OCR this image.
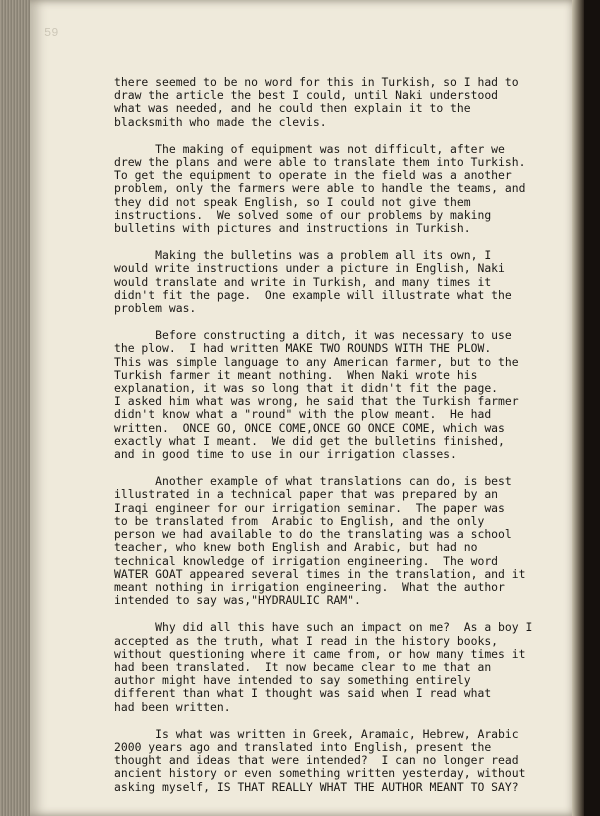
59

there seemed to be no word for this in Turkish, so I had to
draw the article the best I could, until Naki understood
what was needed, and he could then explain it to the
blacksmith who made the clevis.

The making of equipment was not difficult, after we
drew the plans and were able to translate them into Turkish.
To get the equipment to operate in the field was a another
problem, only the farmers were able to handle the teams, and
they did not speak English, so I could not give them
instructions.  We solved some of our problems by making
bulletins with pictures and instructions in Turkish.

Making the bulletins was a problem all its own, I
would write instructions under a picture in English, Naki
would translate and write in Turkish, and many times it
didn't fit the page.  One example will illustrate what the
problem was.

Before constructing a ditch, it was necessary to use
the plow.  I had written MAKE TWO ROUNDS WITH THE PLOW.
This was simple language to any American farmer, but to the
Turkish farmer it meant nothing.  When Naki wrote his
explanation, it was so long that it didn't fit the page.
I asked him what was wrong, he said that the Turkish farmer
didn't know what a "round" with the plow meant.  He had
written.  ONCE GO, ONCE COME,ONCE GO ONCE COME, which was
exactly what I meant.  We did get the bulletins finished,
and in good time to use in our irrigation classes.

Another example of what translations can do, is best
illustrated in a technical paper that was prepared by an
Iraqi engineer for our irrigation seminar.  The paper was
to be translated from  Arabic to English, and the only
person we had available to do the translating was a school
teacher, who knew both English and Arabic, but had no
technical knowledge of irrigation engineering.  The word
WATER GOAT appeared several times in the translation, and it
meant nothing in irrigation engineering.  What the author
intended to say was,"HYDRAULIC RAM".

Why did all this have such an impact on me?  As a boy I
accepted as the truth, what I read in the history books,
without questioning where it came from, or how many times it
had been translated.  It now became clear to me that an
author might have intended to say something entirely
different than what I thought was said when I read what
had been written.

Is what was written in Greek, Aramaic, Hebrew, Arabic
2000 years ago and translated into English, present the
thought and ideas that were intended?  I can no longer read
ancient history or even something written yesterday, without
asking myself, IS THAT REALLY WHAT THE AUTHOR MEANT TO SAY?
